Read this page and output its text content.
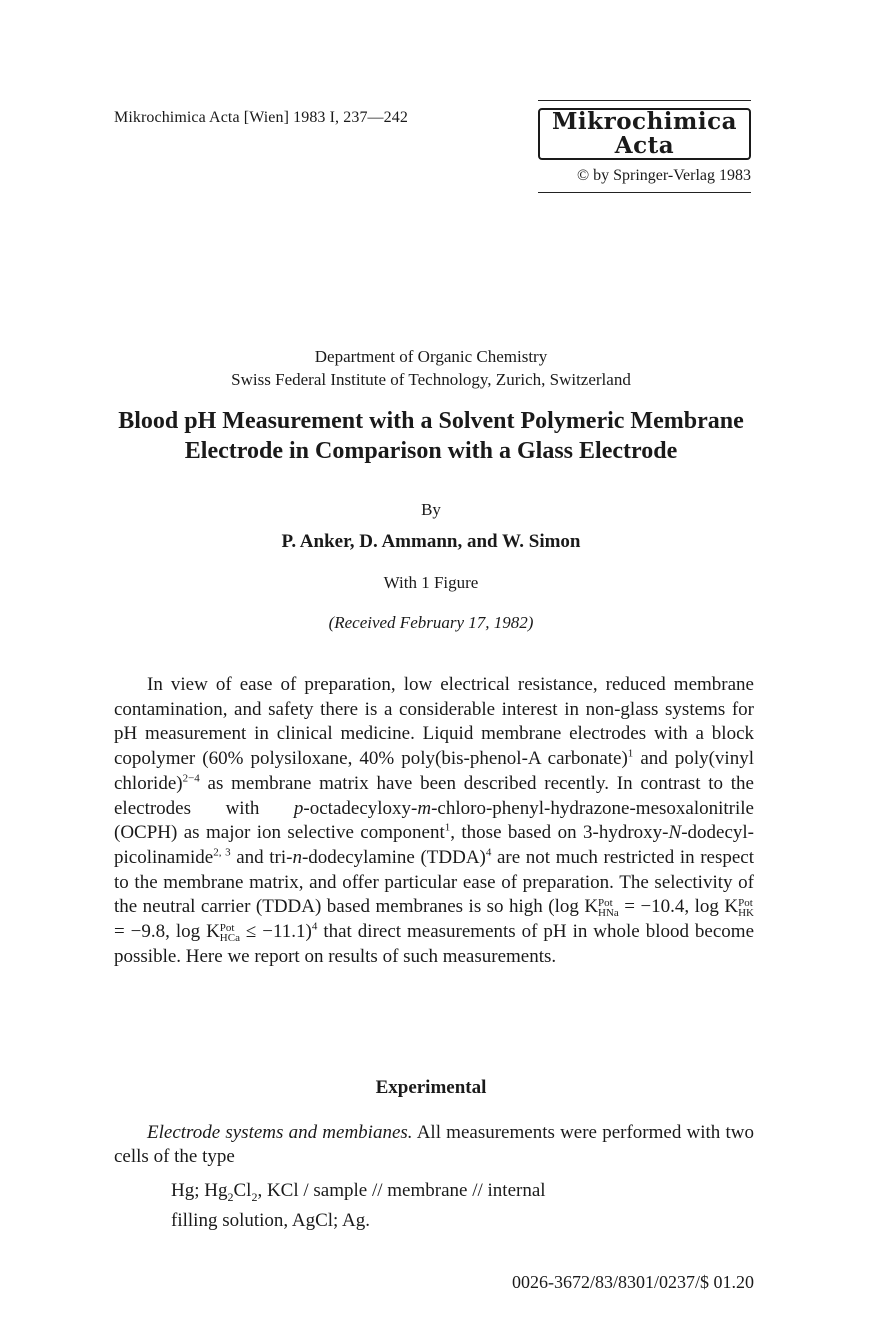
Mikrochimica Acta [Wien] 1983 I, 237—242	Mikrochimica Acta
© by Springer-Verlag 1983
Department of Organic Chemistry
Swiss Federal Institute of Technology, Zurich, Switzerland
Blood pH Measurement with a Solvent Polymeric Membrane Electrode in Comparison with a Glass Electrode
By
P. Anker, D. Ammann, and W. Simon
With 1 Figure
(Received February 17, 1982)

In view of ease of preparation, low electrical resistance, reduced membrane contamination, and safety there is a considerable interest in non-glass systems for pH measurement in clinical medicine. Liquid membrane electrodes with a block copolymer (60% polysiloxane, 40% poly(bis-phenol-A carbonate)$^1$ and poly(vinyl chloride)$^{2-4}$ as membrane matrix have been described recently. In contrast to the electrodes with p-octadecyloxy-m-chloro-phenyl-hydrazone-mesoxalonitrile (OCPH) as major ion selective component$^1$, those based on 3-hydroxy-N-dodecyl-picolinamide$^{2, 3}$ and tri-n-dodecylamine (TDDA)$^4$ are not much restricted in respect to the membrane matrix, and offer particular ease of preparation. The selectivity of the neutral carrier (TDDA) based membranes is so high (log K Pot
HNa = −10.4, log K Pot
HK
= −9.8, log K Pot
HCa ≤ −11.1)$^4$ that direct measurements of pH in whole blood become possible. Here we report on results of such measurements.

Experimental

Electrode systems and membianes. All measurements were performed with two cells of the type

Hg; $Hg_2Cl_2$, KCl / sample // membrane // internal
filling solution, AgCl; Ag.
0026-3672/83/8301/0237/$ 01.20
